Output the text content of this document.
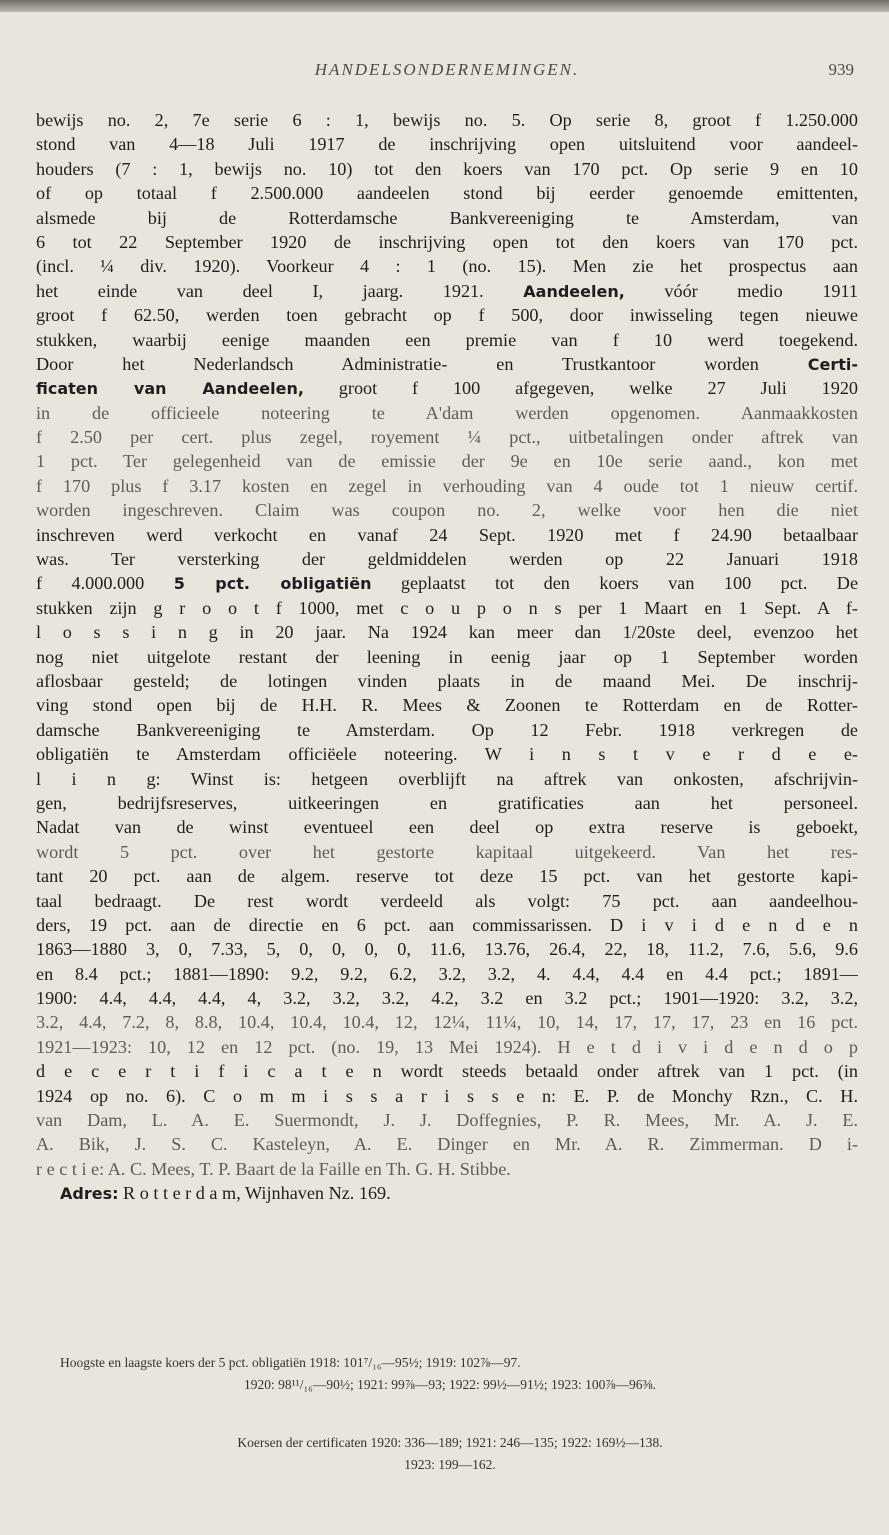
HANDELSONDERNEMINGEN.	939
bewijs no. 2, 7e serie 6 : 1, bewijs no. 5. Op serie 8, groot f 1.250.000
stond van 4—18 Juli 1917 de inschrijving open uitsluitend voor aandeel-
houders (7 : 1, bewijs no. 10) tot den koers van 170 pct. Op serie 9 en 10
of op totaal f 2.500.000 aandeelen stond bij eerder genoemde emittenten,
alsmede bij de Rotterdamsche Bankvereeniging te Amsterdam, van
6 tot 22 September 1920 de inschrijving open tot den koers van 170 pct.
(incl. ¼ div. 1920). Voorkeur 4 : 1 (no. 15). Men zie het prospectus aan
het einde van deel I, jaarg. 1921. Aandeelen, vóór medio 1911
groot f 62.50, werden toen gebracht op f 500, door inwisseling tegen nieuwe
stukken, waarbij eenige maanden een premie van f 10 werd toegekend.
Door het Nederlandsch Administratie- en Trustkantoor worden	Certi-
ficaten van Aandeelen, groot f 100 afgegeven, welke 27 Juli 1920
in de officieele noteering te A'dam werden opgenomen. Aanmaakkosten
f 2.50 per cert. plus zegel, royement ¼ pct., uitbetalingen onder aftrek van
1 pct. Ter gelegenheid van de emissie der 9e en 10e serie aand., kon met
f 170 plus f 3.17 kosten en zegel in verhouding van 4 oude tot 1 nieuw certif.
worden ingeschreven. Claim was coupon no. 2, welke voor hen die niet
inschreven werd verkocht en vanaf 24 Sept. 1920 met f 24.90 betaalbaar
was. Ter versterking der geldmiddelen werden op 22 Januari 1918
f 4.000.000 5 pct. obligatiën geplaatst tot den koers van 100 pct. De
stukken zijn g r o o t f 1000, met c o u p o n s per 1 Maart en 1 Sept. A f-
l o s s i n g in 20 jaar. Na 1924 kan meer dan 1/20ste deel, evenzoo het
nog niet uitgelote restant der leening in eenig jaar op 1 September worden
aflosbaar gesteld; de lotingen vinden plaats in de maand Mei. De inschrij-
ving stond open bij de H.H. R. Mees & Zoonen te Rotterdam en de Rotter-
damsche Bankvereeniging te Amsterdam. Op 12 Febr. 1918 verkregen de
obligatiën te Amsterdam officiëele noteering. W i n s t v e r d e e-
l i n g: Winst is: hetgeen overblijft na aftrek van onkosten, afschrijvin-
gen, bedrijfsreserves, uitkeeringen en gratificaties aan het personeel.
Nadat van de winst eventueel een deel op extra reserve is geboekt,
wordt 5 pct. over het gestorte kapitaal uitgekeerd. Van het res-
tant 20 pct. aan de algem. reserve tot deze 15 pct. van het gestorte kapi-
taal bedraagt. De rest wordt verdeeld als volgt: 75 pct. aan aandeelhou-
ders, 19 pct. aan de directie en 6 pct. aan commissarissen. D i v i d e n d e n
1863—1880 3, 0, 7.33, 5, 0, 0, 0, 0, 11.6, 13.76, 26.4, 22, 18, 11.2, 7.6, 5.6, 9.6
en 8.4 pct.; 1881—1890: 9.2, 9.2, 6.2, 3.2, 3.2, 4. 4.4, 4.4 en 4.4 pct.; 1891—
1900: 4.4, 4.4, 4.4, 4, 3.2, 3.2, 3.2, 4.2, 3.2 en 3.2 pct.; 1901—1920: 3.2, 3.2,
3.2, 4.4, 7.2, 8, 8.8, 10.4, 10.4, 10.4, 12, 12¼, 11¼, 10, 14, 17, 17, 17, 23 en 16 pct.
1921—1923: 10, 12 en 12 pct. (no. 19, 13 Mei 1924). H e t d i v i d e n d o p
d e c e r t i f i c a t e n wordt steeds betaald onder aftrek van 1 pct. (in
1924 op no. 6). C o m m i s s a r i s s e n: E. P. de Monchy Rzn., C. H.
van Dam, L. A. E. Suermondt, J. J. Doffegnies, P. R. Mees, Mr. A. J. E.
A. Bik, J. S. C. Kasteleyn, A. E. Dinger en Mr. A. R. Zimmerman. D i-
r e c t i e: A. C. Mees, T. P. Baart de la Faille en Th. G. H. Stibbe.
Adres: R o t t e r d a m, Wijnhaven Nz. 169.
Hoogste en laagste koers der 5 pct. obligatiën 1918: 101⁷/₁₆—95½; 1919: 102⅞—97.
1920: 98¹¹/₁₆—90½; 1921: 99⅞—93; 1922: 99½—91½; 1923: 100⅞—96⅜.
Koersen der certificaten 1920: 336—189; 1921: 246—135; 1922: 169½—138.
1923: 199—162.
